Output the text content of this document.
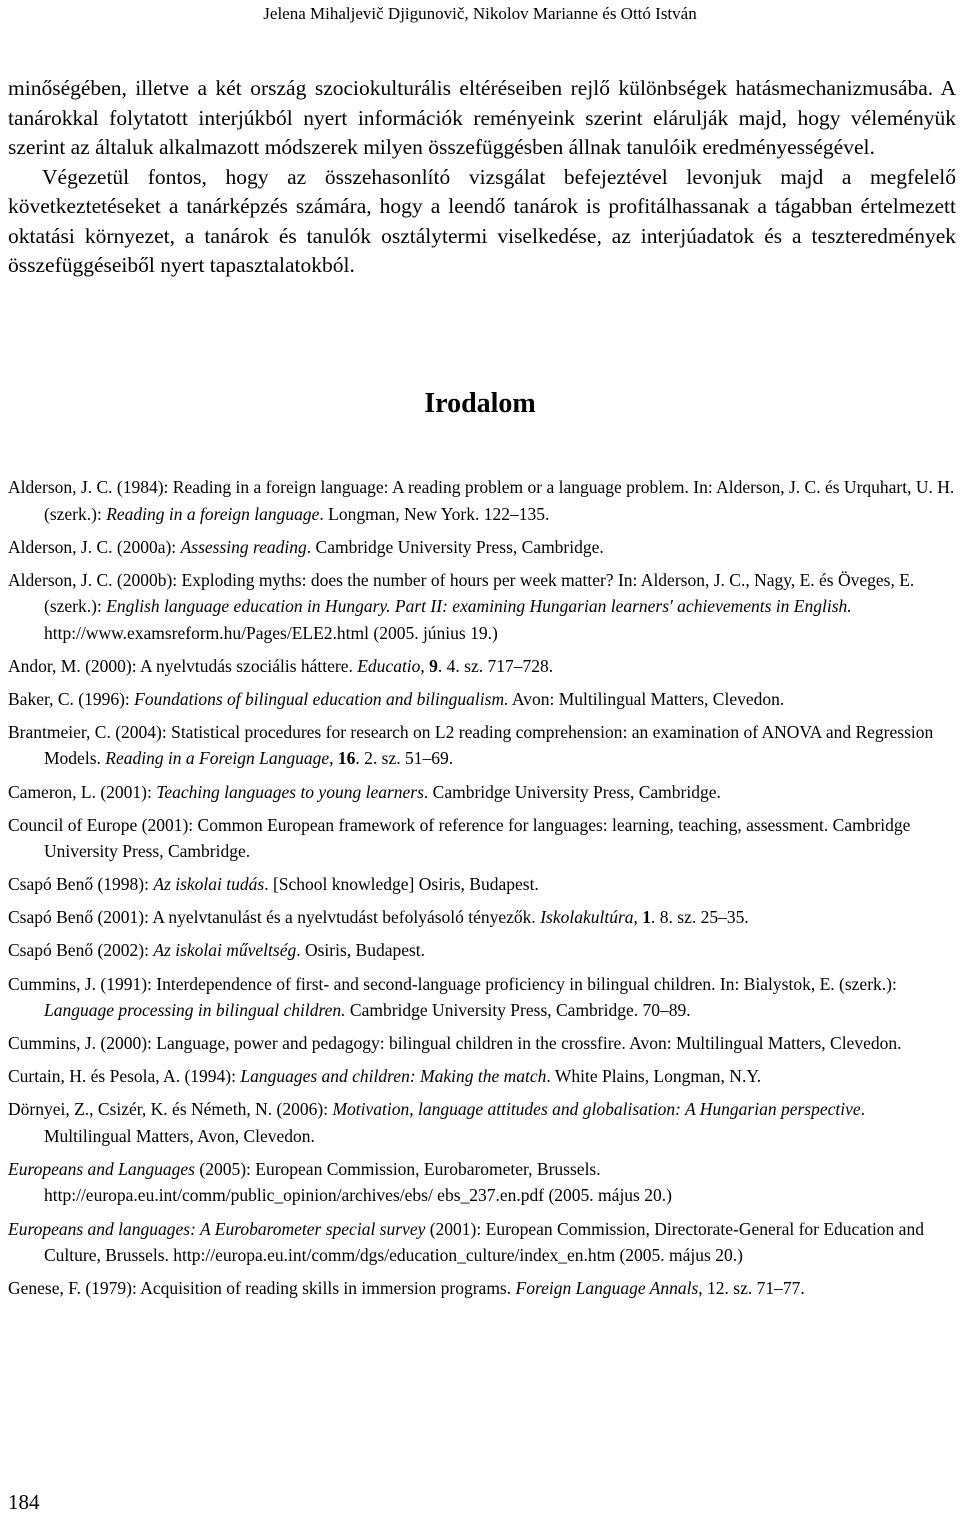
Jelena Mihaljevič Djigunovič, Nikolov Marianne és Ottó István

minőségében, illetve a két ország szociokulturális eltéréseiben rejlő különbségek hatásmechanizmusába. A tanárokkal folytatott interjúkból nyert információk reményeink szerint elárulják majd, hogy véleményük szerint az általuk alkalmazott módszerek milyen összefüggésben állnak tanulóik eredményességével.

Végezetül fontos, hogy az összehasonlító vizsgálat befejeztével levonjuk majd a megfelelő következtetéseket a tanárképzés számára, hogy a leendő tanárok is profitálhassanak a tágabban értelmezett oktatási környezet, a tanárok és tanulók osztálytermi viselkedése, az interjúadatok és a teszteredmények összefüggéseiből nyert tapasztalatokból.

Irodalom
Alderson, J. C. (1984): Reading in a foreign language: A reading problem or a language problem. In: Alderson, J. C. és Urquhart, U. H. (szerk.): Reading in a foreign language. Longman, New York. 122–135.
Alderson, J. C. (2000a): Assessing reading. Cambridge University Press, Cambridge.
Alderson, J. C. (2000b): Exploding myths: does the number of hours per week matter? In: Alderson, J. C., Nagy, E. és Öveges, E. (szerk.): English language education in Hungary. Part II: examining Hungarian learners' achievements in English. http://www.examsreform.hu/Pages/ELE2.html (2005. június 19.)
Andor, M. (2000): A nyelvtudás szociális háttere. Educatio, 9. 4. sz. 717–728.
Baker, C. (1996): Foundations of bilingual education and bilingualism. Avon: Multilingual Matters, Clevedon.
Brantmeier, C. (2004): Statistical procedures for research on L2 reading comprehension: an examination of ANOVA and Regression Models. Reading in a Foreign Language, 16. 2. sz. 51–69.
Cameron, L. (2001): Teaching languages to young learners. Cambridge University Press, Cambridge.
Council of Europe (2001): Common European framework of reference for languages: learning, teaching, assessment. Cambridge University Press, Cambridge.
Csapó Benő (1998): Az iskolai tudás. [School knowledge] Osiris, Budapest.
Csapó Benő (2001): A nyelvtanulást és a nyelvtudást befolyásoló tényezők. Iskolakultúra, 1. 8. sz. 25–35.
Csapó Benő (2002): Az iskolai műveltség. Osiris, Budapest.
Cummins, J. (1991): Interdependence of first- and second-language proficiency in bilingual children. In: Bialystok, E. (szerk.): Language processing in bilingual children. Cambridge University Press, Cambridge. 70–89.
Cummins, J. (2000): Language, power and pedagogy: bilingual children in the crossfire. Avon: Multilingual Matters, Clevedon.
Curtain, H. és Pesola, A. (1994): Languages and children: Making the match. White Plains, Longman, N.Y.
Dörnyei, Z., Csizér, K. és Németh, N. (2006): Motivation, language attitudes and globalisation: A Hungarian perspective. Multilingual Matters, Avon, Clevedon.
Europeans and Languages (2005): European Commission, Eurobarometer, Brussels. http://europa.eu.int/comm/public_opinion/archives/ebs/ ebs_237.en.pdf (2005. május 20.)
Europeans and languages: A Eurobarometer special survey (2001): European Commission, Directorate-General for Education and Culture, Brussels. http://europa.eu.int/comm/dgs/education_culture/index_en.htm (2005. május 20.)
Genese, F. (1979): Acquisition of reading skills in immersion programs. Foreign Language Annals, 12. sz. 71–77.
184
